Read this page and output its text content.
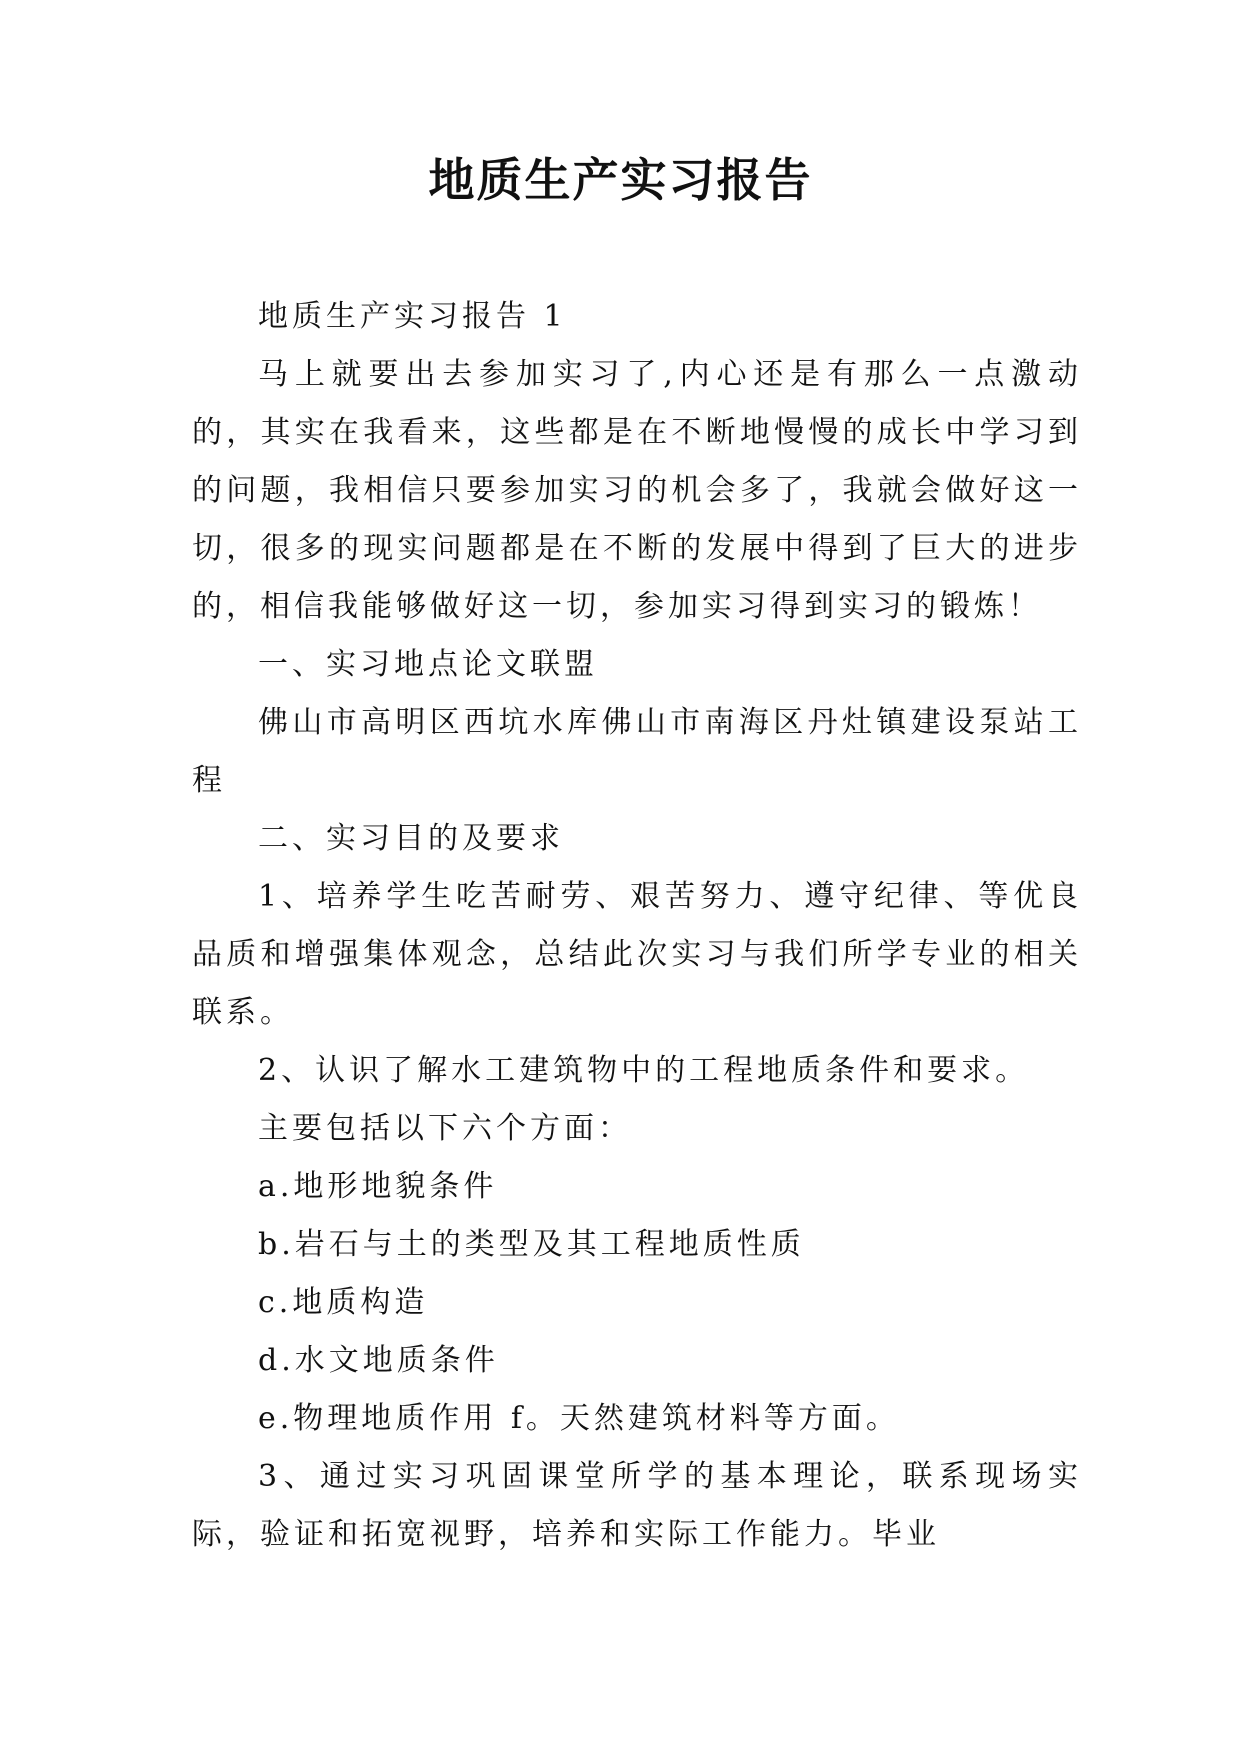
地质生产实习报告

地质生产实习报告 1

马上就要出去参加实习了,内心还是有那么一点激动的，其实在我看来，这些都是在不断地慢慢的成长中学习到的问题，我相信只要参加实习的机会多了，我就会做好这一切，很多的现实问题都是在不断的发展中得到了巨大的进步的，相信我能够做好这一切，参加实习得到实习的锻炼！

一、实习地点论文联盟

佛山市高明区西坑水库佛山市南海区丹灶镇建设泵站工程

二、实习目的及要求

1、培养学生吃苦耐劳、艰苦努力、遵守纪律、等优良品质和增强集体观念，总结此次实习与我们所学专业的相关联系。

2、认识了解水工建筑物中的工程地质条件和要求。

主要包括以下六个方面：

a.地形地貌条件

b.岩石与土的类型及其工程地质性质

c.地质构造

d.水文地质条件

e.物理地质作用 f。天然建筑材料等方面。

3、通过实习巩固课堂所学的基本理论，联系现场实际，验证和拓宽视野，培养和实际工作能力。毕业
